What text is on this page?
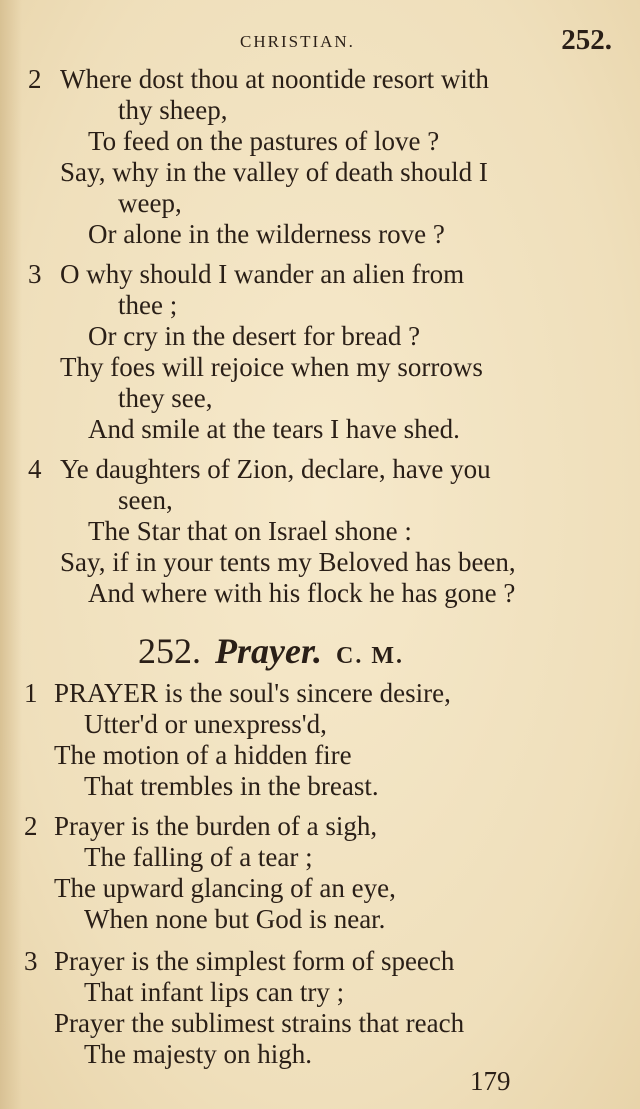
CHRISTIAN.	252.
2 Where dost thou at noontide resort with
thy sheep,
To feed on the pastures of love ?
Say, why in the valley of death should I
weep,
Or alone in the wilderness rove ?
3 O why should I wander an alien from
thee ;
Or cry in the desert for bread ?
Thy foes will rejoice when my sorrows
they see,
And smile at the tears I have shed.
4 Ye daughters of Zion, declare, have you
seen,
The Star that on Israel shone :
Say, if in your tents my Beloved has been,
And where with his flock he has gone ?
252. Prayer. C. M.
1 PRAYER is the soul's sincere desire,
Utter'd or unexpress'd,
The motion of a hidden fire
That trembles in the breast.
2 Prayer is the burden of a sigh,
The falling of a tear ;
The upward glancing of an eye,
When none but God is near.
3 Prayer is the simplest form of speech
That infant lips can try ;
Prayer the sublimest strains that reach
The majesty on high.
179
